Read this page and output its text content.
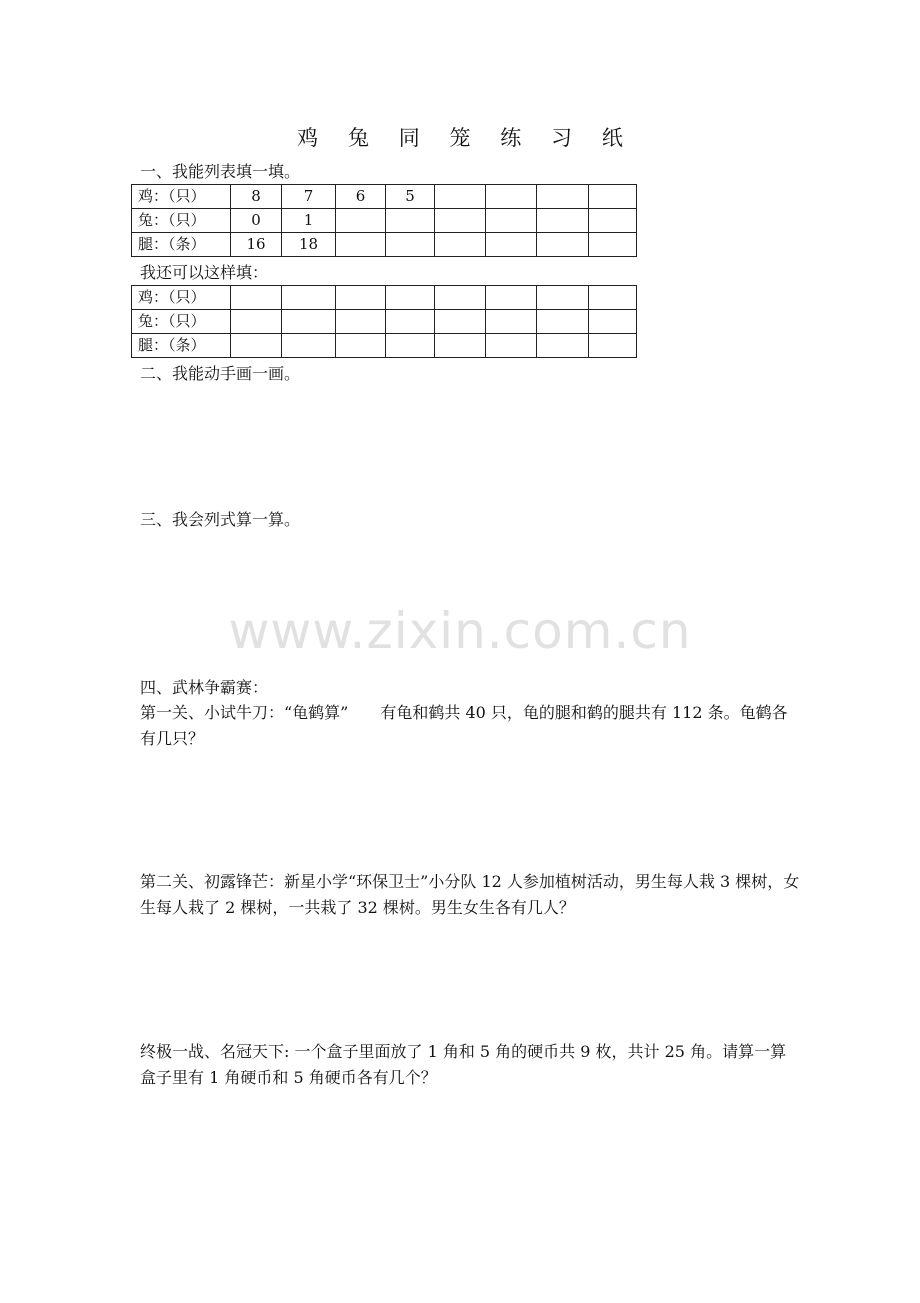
鸡 兔 同 笼 练 习 纸
一、我能列表填一填。
鸡：（只）	8	7	6	5				
兔：（只）	0	1						
腿：（条）	16	18						
我还可以这样填：
鸡：（只）								
兔：（只）								
腿：（条）								
二、我能动手画一画。
三、我会列式算一算。
www.zixin.com.cn
四、武林争霸赛：
第一关、小试牛刀：“龟鹤算”　　有龟和鹤共 40 只，龟的腿和鹤的腿共有 112 条。龟鹤各有几只？
第二关、初露锋芒：新星小学“环保卫士”小分队 12 人参加植树活动，男生每人栽 3 棵树，女生每人栽了 2 棵树，一共栽了 32 棵树。男生女生各有几人？
终极一战、名冠天下: 一个盒子里面放了 1 角和 5 角的硬币共 9 枚，共计 25 角。请算一算盒子里有 1 角硬币和 5 角硬币各有几个？
